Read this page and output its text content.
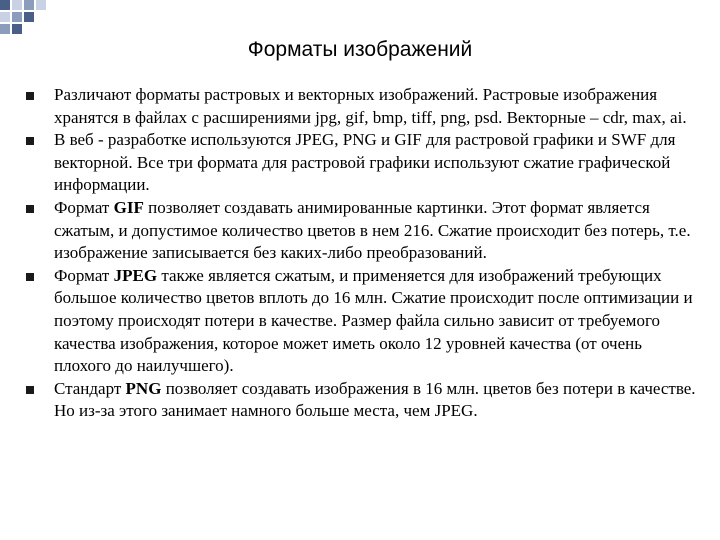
Форматы изображений
Различают форматы растровых и векторных изображений. Растровые изображения хранятся в файлах с расширениями jpg, gif, bmp, tiff, png, psd. Векторные – cdr, max, ai.
В веб - разработке используются JPEG, PNG и GIF для растровой графики и SWF для векторной. Все три формата для растровой графики используют сжатие графической информации.
Формат GIF позволяет создавать анимированные картинки. Этот формат является сжатым, и допустимое количество цветов в нем 216. Сжатие происходит без потерь, т.е. изображение записывается без каких-либо преобразований.
Формат JPEG также является сжатым, и применяется для изображений требующих большое количество цветов вплоть до 16 млн. Сжатие происходит после оптимизации и поэтому происходят потери в качестве. Размер файла сильно зависит от требуемого качества изображения, которое может иметь около 12 уровней качества (от очень плохого до наилучшего).
Стандарт PNG позволяет создавать изображения в 16 млн. цветов без потери в качестве. Но из-за этого занимает намного больше места, чем JPEG.
